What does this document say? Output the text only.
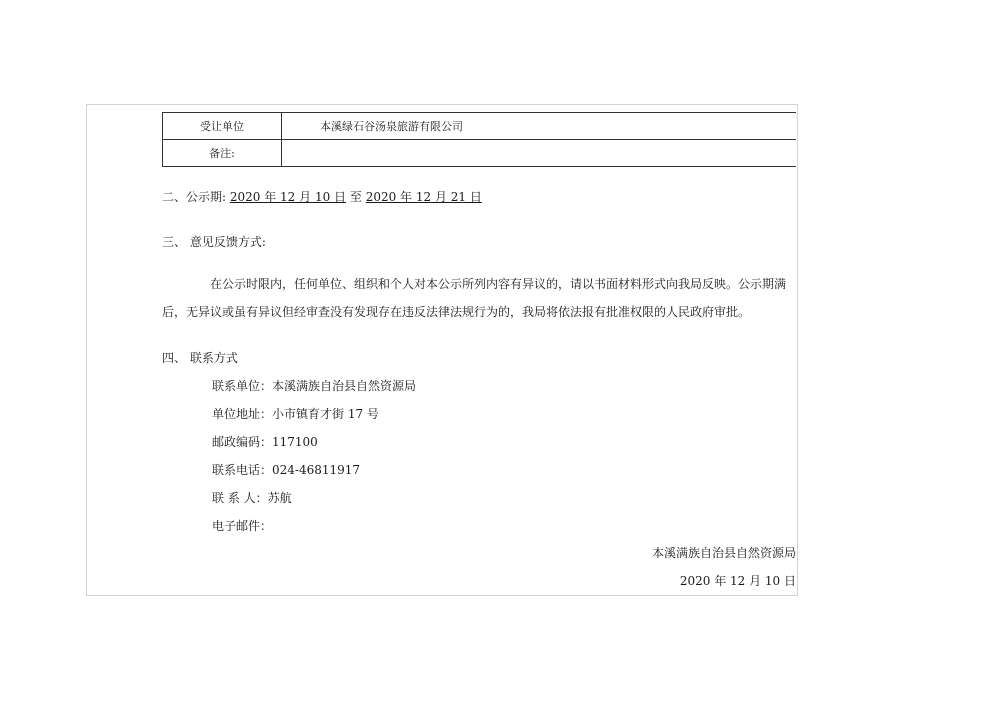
受让单位	本溪绿石谷汤泉旅游有限公司
备注:	
二、公示期: 2020 年 12 月 10 日 至 2020 年 12 月 21 日
三、 意见反馈方式:
在公示时限内，任何单位、组织和个人对本公示所列内容有异议的，请以书面材料形式向我局反映。公示期满后，无异议或虽有异议但经审查没有发现存在违反法律法规行为的，我局将依法报有批准权限的人民政府审批。
四、 联系方式
联系单位：本溪满族自治县自然资源局
单位地址：小市镇育才街 17 号
邮政编码：117100
联系电话：024-46811917
联 系 人：苏航
电子邮件：
本溪满族自治县自然资源局
2020 年 12 月 10 日
